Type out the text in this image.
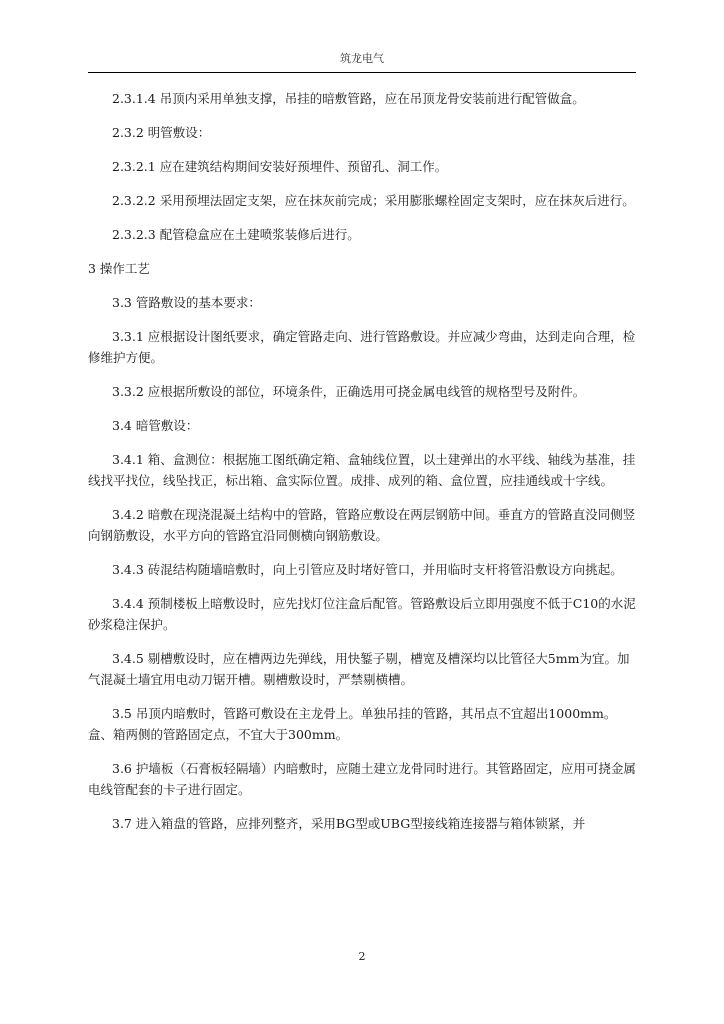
筑龙电气

2.3.1.4 吊顶内采用单独支撑，吊挂的暗敷管路，应在吊顶龙骨安装前进行配管做盒。

2.3.2 明管敷设：

2.3.2.1 应在建筑结构期间安装好预埋件、预留孔、洞工作。

2.3.2.2 采用预埋法固定支架，应在抹灰前完成；采用膨胀螺栓固定支架时，应在抹灰后进行。

2.3.2.3 配管稳盒应在土建喷浆装修后进行。

3 操作工艺

3.3 管路敷设的基本要求：

3.3.1 应根据设计图纸要求，确定管路走向、进行管路敷设。并应减少弯曲，达到走向合理，检修维护方便。

3.3.2 应根据所敷设的部位，环境条件，正确选用可挠金属电线管的规格型号及附件。

3.4 暗管敷设：

3.4.1 箱、盒测位：根据施工图纸确定箱、盒轴线位置，以土建弹出的水平线、轴线为基准，挂线找平找位，线坠找正，标出箱、盒实际位置。成排、成列的箱、盒位置，应挂通线或十字线。

3.4.2 暗敷在现浇混凝土结构中的管路，管路应敷设在两层钢筋中间。垂直方的管路直没同侧竖向钢筋敷设，水平方向的管路宜沿同侧横向钢筋敷设。

3.4.3 砖混结构随墙暗敷时，向上引管应及时堵好管口，并用临时支杆将管沿敷设方向挑起。

3.4.4 预制楼板上暗敷设时，应先找灯位注盒后配管。管路敷设后立即用强度不低于C10的水泥砂浆稳注保护。

3.4.5 剔槽敷设时，应在槽两边先弹线，用快錾子剔，槽宽及槽深均以比管径大5mm为宜。加气混凝土墙宜用电动刀锯开槽。剔槽敷设时，严禁剔横槽。

3.5 吊顶内暗敷时，管路可敷设在主龙骨上。单独吊挂的管路，其吊点不宜超出1000mm。盒、箱两侧的管路固定点，不宜大于300mm。

3.6 护墙板（石膏板轻隔墙）内暗敷时，应随土建立龙骨同时进行。其管路固定，应用可挠金属电线管配套的卡子进行固定。

3.7 进入箱盘的管路，应排列整齐，采用BG型或UBG型接线箱连接器与箱体锁紧，并

2
